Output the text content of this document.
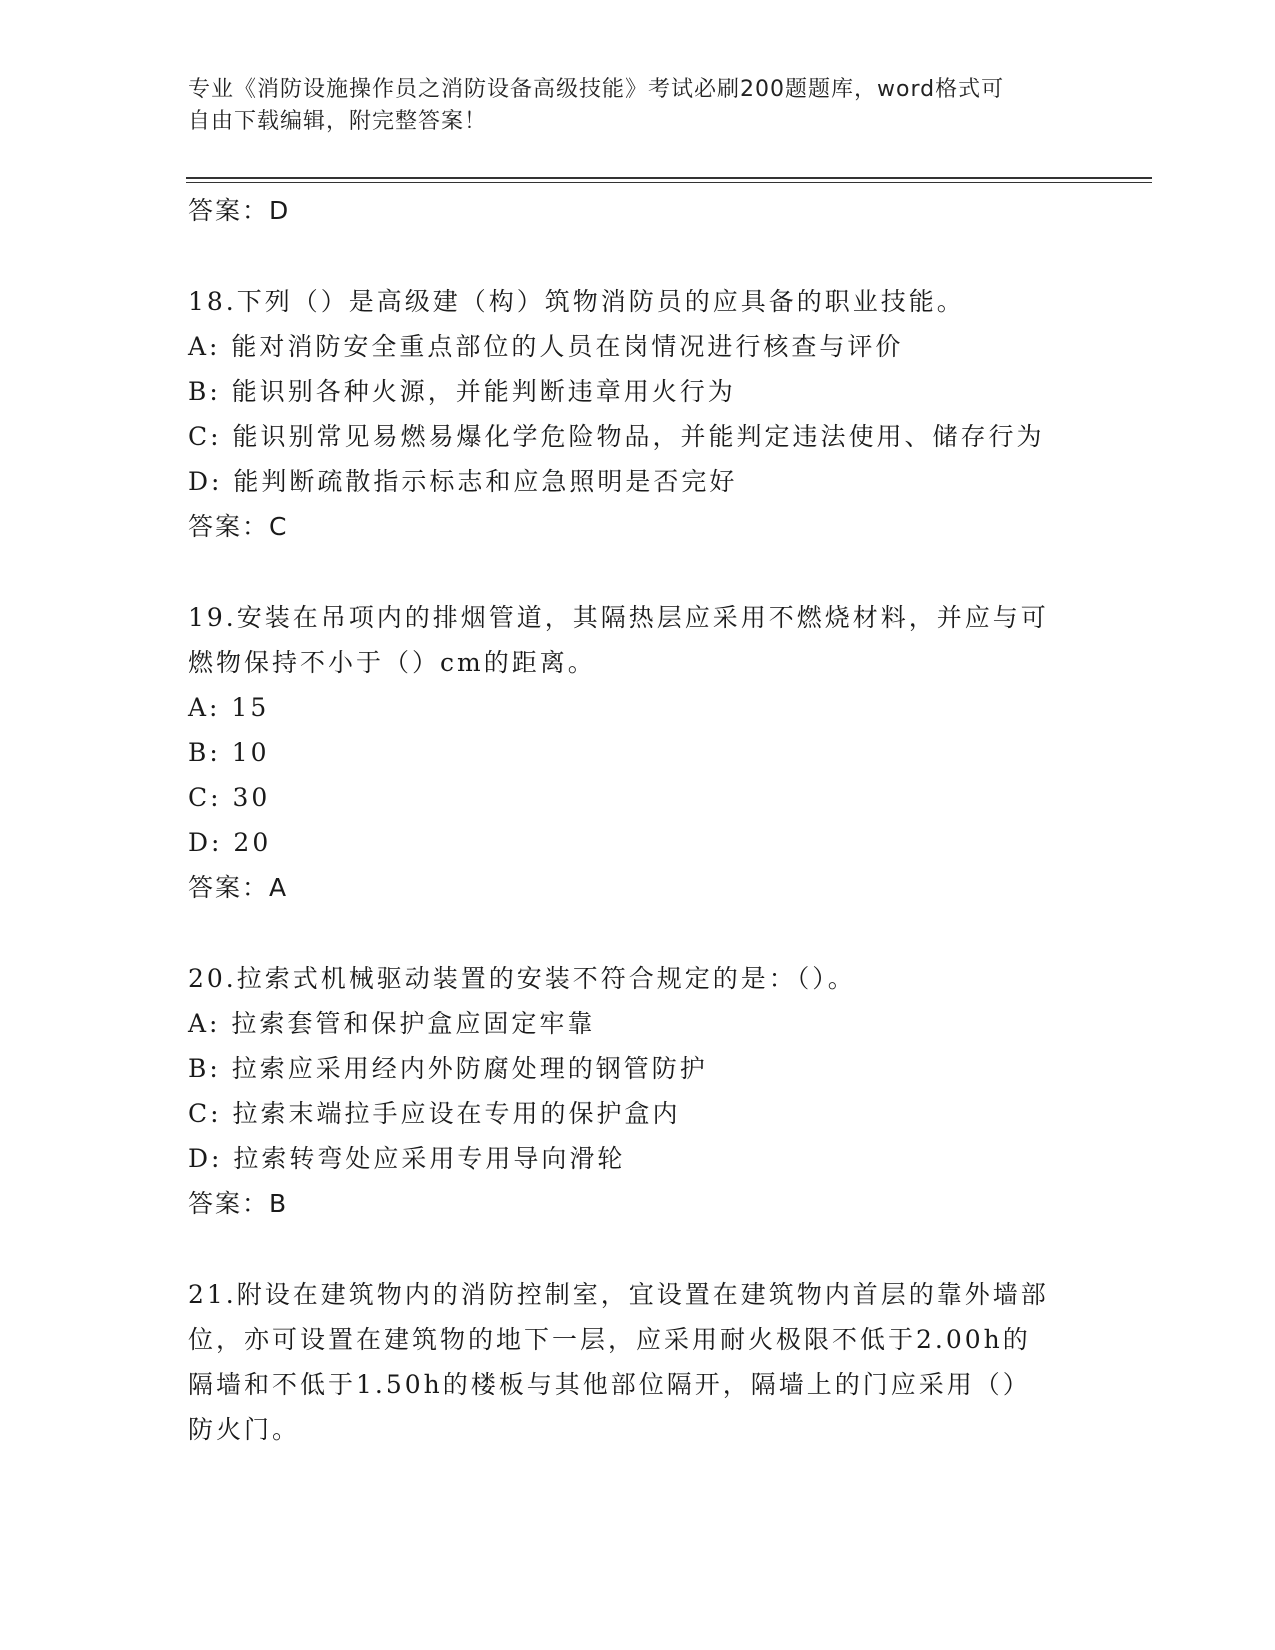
专业《消防设施操作员之消防设备高级技能》考试必刷200题题库，word格式可
自由下载编辑，附完整答案！
答案：D
18.下列（）是高级建（构）筑物消防员的应具备的职业技能。
A: 能对消防安全重点部位的人员在岗情况进行核查与评价
B: 能识别各种火源，并能判断违章用火行为
C: 能识别常见易燃易爆化学危险物品，并能判定违法使用、储存行为
D: 能判断疏散指示标志和应急照明是否完好
答案：C
19.安装在吊项内的排烟管道，其隔热层应采用不燃烧材料，并应与可
燃物保持不小于（）cm的距离。
A: 15
B: 10
C: 30
D: 20
答案：A
20.拉索式机械驱动装置的安装不符合规定的是：（）。
A: 拉索套管和保护盒应固定牢靠
B: 拉索应采用经内外防腐处理的钢管防护
C: 拉索末端拉手应设在专用的保护盒内
D: 拉索转弯处应采用专用导向滑轮
答案：B
21.附设在建筑物内的消防控制室，宜设置在建筑物内首层的靠外墙部
位，亦可设置在建筑物的地下一层，应采用耐火极限不低于2.00h的
隔墙和不低于1.50h的楼板与其他部位隔开，隔墙上的门应采用（）
防火门。
